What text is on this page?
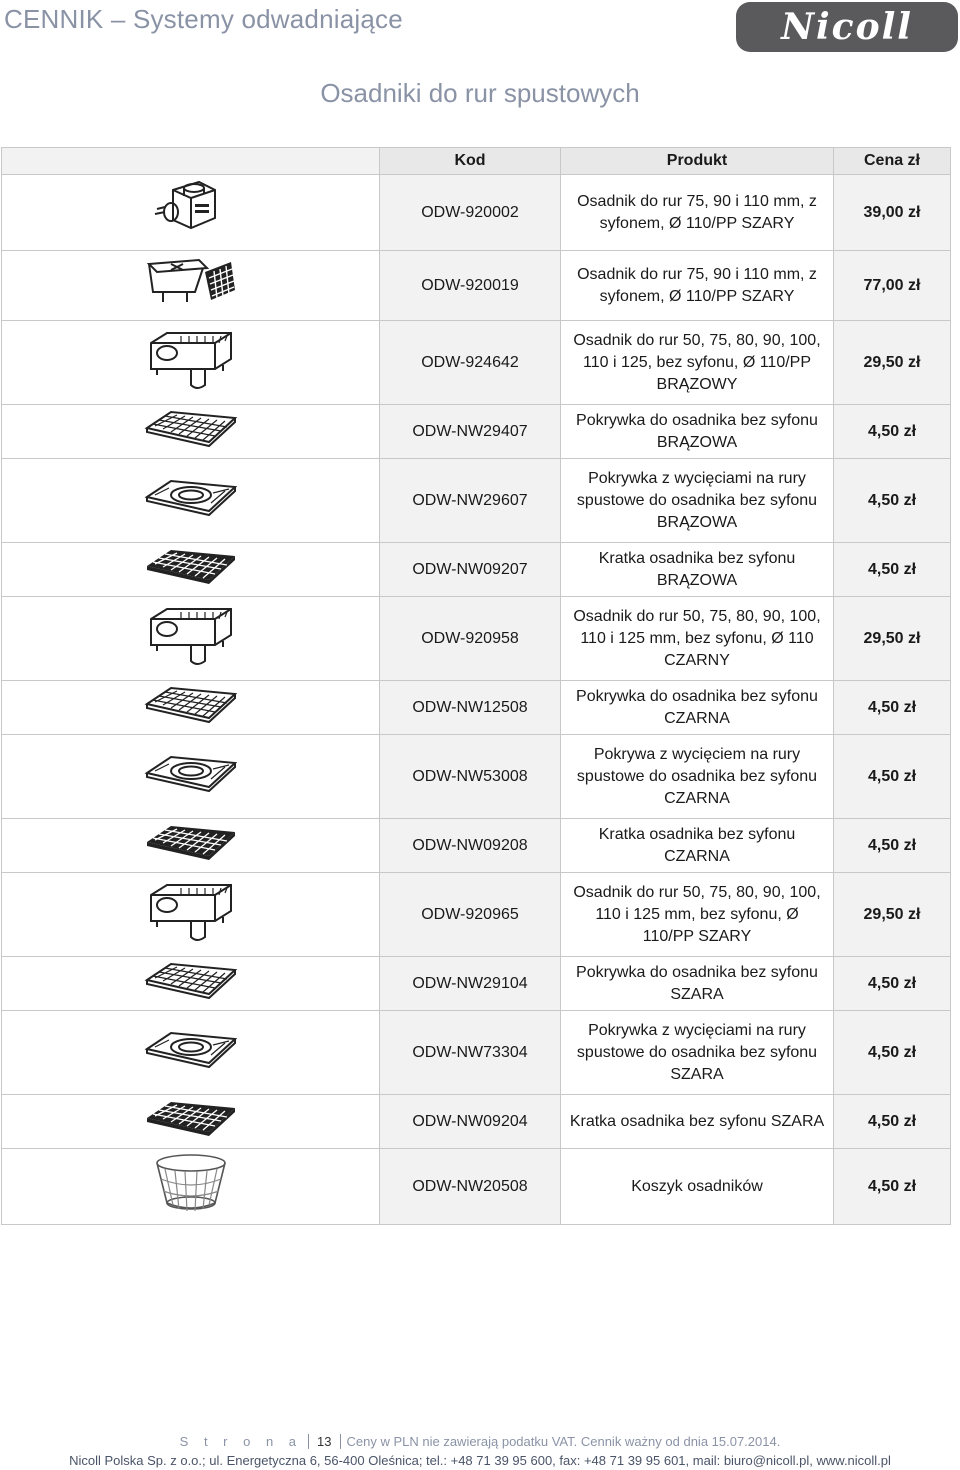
CENNIK – Systemy odwadniające	Nicoll
Osadniki do rur spustowych
	Kod	Produkt	Cena zł

	ODW-920002	Osadnik do rur 75, 90 i 110 mm, z syfonem, Ø 110/PP SZARY	39,00 zł

	ODW-920019	Osadnik do rur 75, 90 i 110 mm, z syfonem, Ø 110/PP SZARY	77,00 zł

	ODW-924642	Osadnik do rur 50, 75, 80, 90, 100, 110 i 125, bez syfonu, Ø 110/PP BRĄZOWY	29,50 zł

	ODW-NW29407	Pokrywka do osadnika bez syfonu BRĄZOWA	4,50 zł

	ODW-NW29607	Pokrywka z wycięciami na rury spustowe do osadnika bez syfonu BRĄZOWA	4,50 zł

	ODW-NW09207	Kratka osadnika bez syfonu BRĄZOWA	4,50 zł

	ODW-920958	Osadnik do rur 50, 75, 80, 90, 100, 110 i 125 mm, bez syfonu, Ø 110 CZARNY	29,50 zł

	ODW-NW12508	Pokrywka do osadnika bez syfonu CZARNA	4,50 zł

	ODW-NW53008	Pokrywa z wycięciem na rury spustowe do osadnika bez syfonu CZARNA	4,50 zł

	ODW-NW09208	Kratka osadnika bez syfonu CZARNA	4,50 zł

	ODW-920965	Osadnik do rur 50, 75, 80, 90, 100, 110 i 125 mm, bez syfonu, Ø 110/PP SZARY	29,50 zł

	ODW-NW29104	Pokrywka do osadnika bez syfonu SZARA	4,50 zł

	ODW-NW73304	Pokrywka z wycięciami na rury spustowe do osadnika bez syfonu SZARA	4,50 zł

	ODW-NW09204	Kratka osadnika bez syfonu SZARA	4,50 zł

	ODW-NW20508	Koszyk osadników	4,50 zł
S t r o n a 13 Ceny w PLN nie zawierają podatku VAT. Cennik ważny od dnia 15.07.2014.
Nicoll Polska Sp. z o.o.; ul. Energetyczna 6, 56-400 Oleśnica; tel.: +48 71 39 95 600, fax: +48 71 39 95 601, mail: biuro@nicoll.pl, www.nicoll.pl
